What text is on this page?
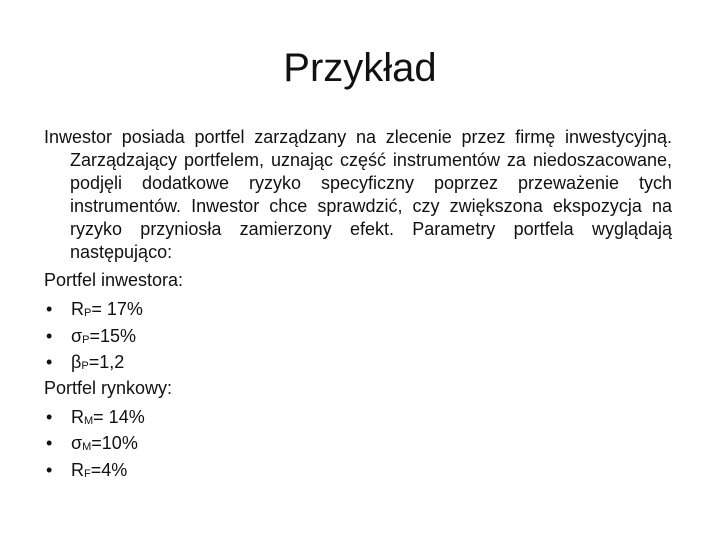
Przykład

Inwestor posiada portfel zarządzany na zlecenie przez firmę inwestycyjną. Zarządzający portfelem, uznając część instrumentów za niedoszacowane, podjęli dodatkowe ryzyko specyficzny poprzez przeważenie tych instrumentów. Inwestor chce sprawdzić, czy zwiększona ekspozycja na ryzyko przyniosła zamierzony efekt. Parametry portfela wyglądają następująco:

Portfel inwestora:
• RP= 17%
• σP=15%
• βP=1,2
Portfel rynkowy:
• RM= 14%
• σM=10%
• RF=4%
